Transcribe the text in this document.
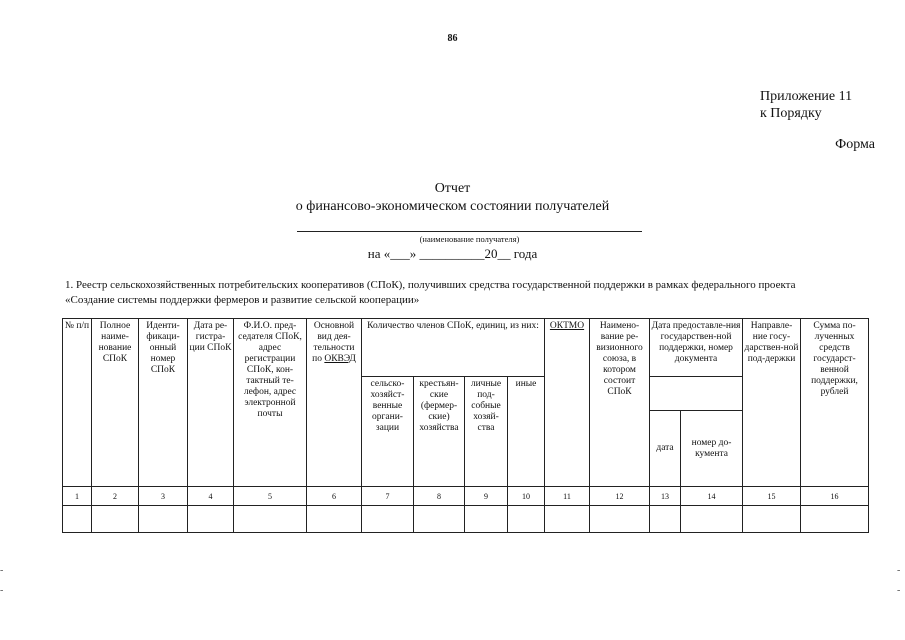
86
Приложение 11
к Порядку
Форма
Отчет
о финансово-экономическом состоянии получателей
(наименование получателя)
на «___» __________20__ года
1. Реестр сельскохозяйственных потребительских кооперативов (СПоК), получивших средства государственной поддержки в рамках федерального проекта
«Создание системы поддержки фермеров и развитие сельской кооперации»
№ п/п	Полное наиме-нование СПоК	Иденти-фикаци-онный номер СПоК	Дата ре-гистра-ции СПоК	Ф.И.О. пред-седателя СПоК, адрес регистрации СПоК, кон-тактный те-лефон, адрес электронной почты	Основной вид дея-тельности по ОКВЭД	Количество членов СПоК, единиц, из них:				ОКТМО	Наимено-вание ре-визионного союза, в котором состоит СПоК	Дата предоставле-ния государствен-ной поддержки, номер документа		Направле-ние госу-дарствен-ной под-держки	Сумма по-лученных средств государст-венной поддержки, рублей
						сельско-хозяйст-венные органи-зации	крестьян-ские (фермер-ские) хозяйства	личные под-собные хозяй-ства	иные						
												дата	номер до-кумента		
1	2	3	4	5	6	7	8	9	10	11	12	13	14	15	16

-
-
-
-
